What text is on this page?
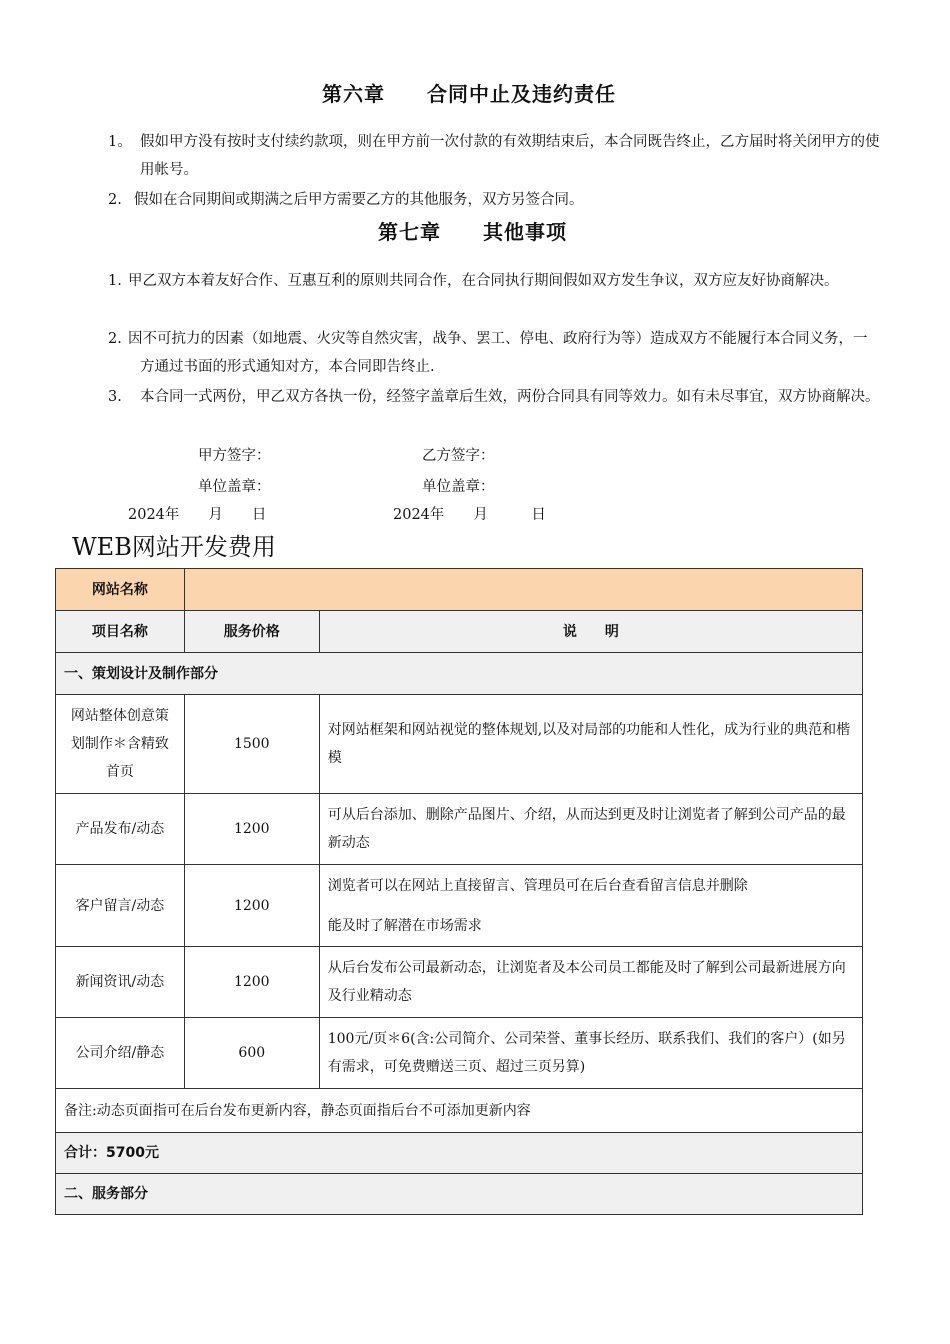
第六章　　合同中止及违约责任
1。 假如甲方没有按时支付续约款项，则在甲方前一次付款的有效期结束后，本合同既告终止，乙方届时将关闭甲方的使用帐号。
2. 假如在合同期间或期满之后甲方需要乙方的其他服务，双方另签合同。
第七章　　其他事项
1. 甲乙双方本着友好合作、互惠互利的原则共同合作，在合同执行期间假如双方发生争议，双方应友好协商解决。
2. 因不可抗力的因素（如地震、火灾等自然灾害，战争、罢工、停电、政府行为等）造成双方不能履行本合同义务，一方通过书面的形式通知对方，本合同即告终止.
3.	本合同一式两份，甲乙双方各执一份，经签字盖章后生效，两份合同具有同等效力。如有未尽事宜，双方协商解决。
甲方签字：	乙方签字：
单位盖章：	单位盖章：
2024年　　月　　日	2024年　　月　　　日
WEB网站开发费用
网站名称		
项目名称	服务价格	说　　明
一、策划设计及制作部分		
网站整体创意策划制作＊含精致首页	1500	对网站框架和网站视觉的整体规划,以及对局部的功能和人性化，成为行业的典范和楷模
产品发布/动态	1200	可从后台添加、删除产品图片、介绍，从而达到更及时让浏览者了解到公司产品的最新动态
客户留言/动态	1200	浏览者可以在网站上直接留言、管理员可在后台查看留言信息并删除
能及时了解潜在市场需求

新闻资讯/动态	1200	从后台发布公司最新动态，让浏览者及本公司员工都能及时了解到公司最新进展方向及行业精动态
公司介绍/静态	600	100元/页＊6(含:公司简介、公司荣誉、董事长经历、联系我们、我们的客户）(如另有需求，可免费赠送三页、超过三页另算)
备注:动态页面指可在后台发布更新内容，静态页面指后台不可添加更新内容		
合计：5700元		
二、服务部分		
